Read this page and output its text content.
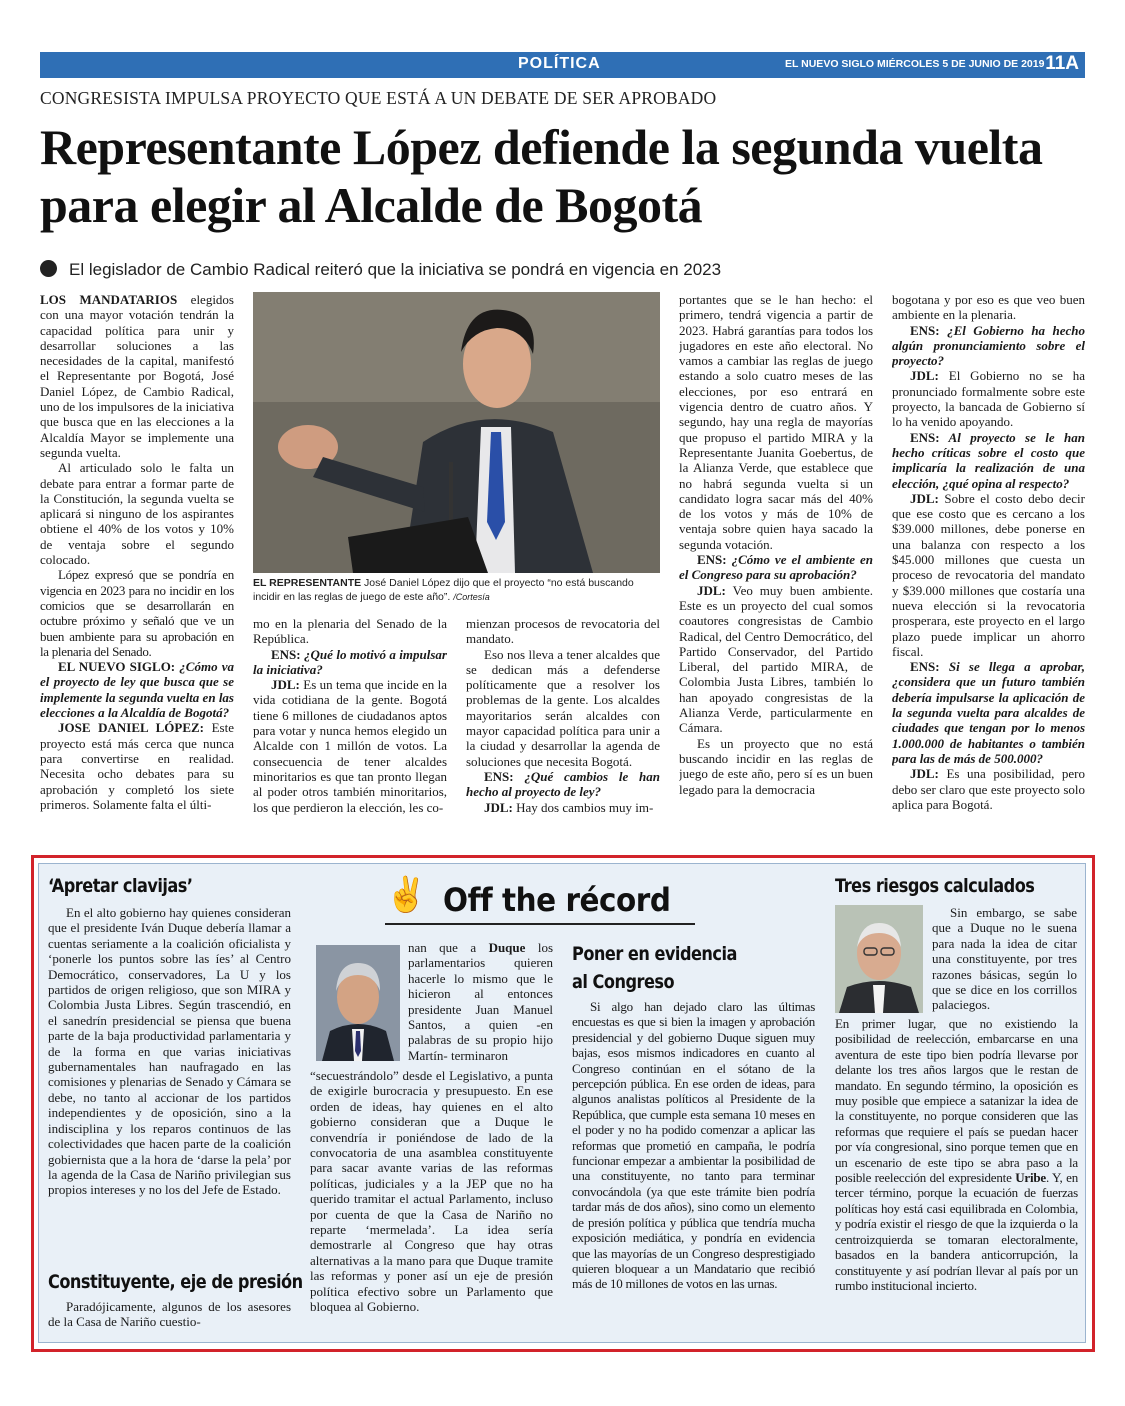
POLÍTICA	EL NUEVO SIGLO MIÉRCOLES 5 DE JUNIO DE 2019 11A
CONGRESISTA IMPULSA PROYECTO QUE ESTÁ A UN DEBATE DE SER APROBADO
Representante López defiende la segunda vuelta para elegir al Alcalde de Bogotá
El legislador de Cambio Radical reiteró que la iniciativa se pondrá en vigencia en 2023

LOS MANDATARIOS elegidos con una mayor votación tendrán la capacidad política para unir y desarrollar soluciones a las necesidades de la capital, manifestó el Representante por Bogotá, José Daniel López, de Cambio Radical, uno de los impulsores de la iniciativa que busca que en las elecciones a la Alcaldía Mayor se implemente una segunda vuelta.

Al articulado solo le falta un debate para entrar a formar parte de la Constitución, la segunda vuelta se aplicará si ninguno de los aspirantes obtiene el 40% de los votos y 10% de ventaja sobre el segundo colocado.

López expresó que se pondría en vigencia en 2023 para no incidir en los comicios que se desarrollarán en octubre próximo y señaló que ve un buen ambiente para su aprobación en la plenaria del Senado.

EL NUEVO SIGLO: ¿Cómo va el proyecto de ley que busca que se implemente la segunda vuelta en las elecciones a la Alcaldía de Bogotá?

JOSE DANIEL LÓPEZ: Este proyecto está más cerca que nunca para convertirse en realidad. Necesita ocho debates para su aprobación y completó los siete primeros. Solamente falta el últi-

EL REPRESENTANTE José Daniel López dijo que el proyecto “no está buscando incidir en las reglas de juego de este año”. /Cortesía

mo en la plenaria del Senado de la República.

ENS: ¿Qué lo motivó a impulsar la iniciativa?

JDL: Es un tema que incide en la vida cotidiana de la gente. Bogotá tiene 6 millones de ciudadanos aptos para votar y nunca hemos elegido un Alcalde con 1 millón de votos. La consecuencia de tener alcaldes minoritarios es que tan pronto llegan al poder otros también minoritarios, los que perdieron la elección, les co-

mienzan procesos de revocatoria del mandato.

Eso nos lleva a tener alcaldes que se dedican más a defenderse políticamente que a resolver los problemas de la gente. Los alcaldes mayoritarios serán alcaldes con mayor capacidad política para unir a la ciudad y desarrollar la agenda de soluciones que necesita Bogotá.

ENS: ¿Qué cambios le han hecho al proyecto de ley?

JDL: Hay dos cambios muy im-

portantes que se le han hecho: el primero, tendrá vigencia a partir de 2023. Habrá garantías para todos los jugadores en este año electoral. No vamos a cambiar las reglas de juego estando a solo cuatro meses de las elecciones, por eso entrará en vigencia dentro de cuatro años. Y segundo, hay una regla de mayorías que propuso el partido MIRA y la Representante Juanita Goebertus, de la Alianza Verde, que establece que no habrá segunda vuelta si un candidato logra sacar más del 40% de los votos y más de 10% de ventaja sobre quien haya sacado la segunda votación.

ENS: ¿Cómo ve el ambiente en el Congreso para su aprobación?

JDL: Veo muy buen ambiente. Este es un proyecto del cual somos coautores congresistas de Cambio Radical, del Centro Democrático, del Partido Conservador, del Partido Liberal, del partido MIRA, de Colombia Justa Libres, también lo han apoyado congresistas de la Alianza Verde, particularmente en Cámara.

Es un proyecto que no está buscando incidir en las reglas de juego de este año, pero sí es un buen legado para la democracia

bogotana y por eso es que veo buen ambiente en la plenaria.

ENS: ¿El Gobierno ha hecho algún pronunciamiento sobre el proyecto?

JDL: El Gobierno no se ha pronunciado formalmente sobre este proyecto, la bancada de Gobierno sí lo ha venido apoyando.

ENS: Al proyecto se le han hecho críticas sobre el costo que implicaría la realización de una elección, ¿qué opina al respecto?

JDL: Sobre el costo debo decir que ese costo que es cercano a los $39.000 millones, debe ponerse en una balanza con respecto a los $45.000 millones que cuesta un proceso de revocatoria del mandato y $39.000 millones que costaría una nueva elección si la revocatoria prosperara, este proyecto en el largo plazo puede implicar un ahorro fiscal.

ENS: Si se llega a aprobar, ¿considera que un futuro también debería impulsarse la aplicación de la segunda vuelta para alcaldes de ciudades que tengan por lo menos 1.000.000 de habitantes o también para las de más de 500.000?

JDL: Es una posibilidad, pero debo ser claro que este proyecto solo aplica para Bogotá.

✌ Off the récord
‘Apretar clavijas’

En el alto gobierno hay quienes consideran que el presidente Iván Duque debería llamar a cuentas seriamente a la coalición oficialista y ‘ponerle los puntos sobre las íes’ al Centro Democrático, conservadores, La U y los partidos de origen religioso, que son MIRA y Colombia Justa Libres. Según trascendió, en el sanedrín presidencial se piensa que buena parte de la baja productividad parlamentaria y de la forma en que varias iniciativas gubernamentales han naufragado en las comisiones y plenarias de Senado y Cámara se debe, no tanto al accionar de los partidos independientes y de oposición, sino a la indisciplina y los reparos continuos de las colectividades que hacen parte de la coalición gobiernista que a la hora de ‘darse la pela’ por la agenda de la Casa de Nariño privilegian sus propios intereses y no los del Jefe de Estado.

Constituyente, eje de presión

Paradójicamente, algunos de los asesores de la Casa de Nariño cuestio-

nan que a Duque los parlamentarios quieren hacerle lo mismo que le hicieron al entonces presidente Juan Manuel Santos, a quien -en palabras de su propio hijo Martín- terminaron
“secuestrándolo” desde el Legislativo, a punta de exigirle burocracia y presupuesto. En ese orden de ideas, hay quienes en el alto gobierno consideran que a Duque le convendría ir poniéndose de lado de la convocatoria de una asamblea constituyente para sacar avante varias de las reformas políticas, judiciales y a la JEP que no ha querido tramitar el actual Parlamento, incluso por cuenta de que la Casa de Nariño no reparte ‘mermelada’. La idea sería demostrarle al Congreso que hay otras alternativas a la mano para que Duque tramite las reformas y poner así un eje de presión política efectivo sobre un Parlamento que bloquea al Gobierno.
Poner en evidencia
al Congreso

Si algo han dejado claro las últimas encuestas es que si bien la imagen y aprobación presidencial y del gobierno Duque siguen muy bajas, esos mismos indicadores en cuanto al Congreso continúan en el sótano de la percepción pública. En ese orden de ideas, para algunos analistas políticos al Presidente de la República, que cumple esta semana 10 meses en el poder y no ha podido comenzar a aplicar las reformas que prometió en campaña, le podría funcionar empezar a ambientar la posibilidad de una constituyente, no tanto para terminar convocándola (ya que este trámite bien podría tardar más de dos años), sino como un elemento de presión política y pública que tendría mucha exposición mediática, y pondría en evidencia que las mayorías de un Congreso desprestigiado quieren bloquear a un Mandatario que recibió más de 10 millones de votos en las urnas.

Tres riesgos calculados

Sin embargo, se sabe que a Duque no le suena para nada la idea de citar una constituyente, por tres razones básicas, según lo que se dice en los corrillos palaciegos.

En primer lugar, que no existiendo la posibilidad de reelección, embarcarse en una aventura de este tipo bien podría llevarse por delante los tres años largos que le restan de mandato. En segundo término, la oposición es muy posible que empiece a satanizar la idea de la constituyente, no porque consideren que las reformas que requiere el país se puedan hacer por vía congresional, sino porque temen que en un escenario de este tipo se abra paso a la posible reelección del expresidente Uribe. Y, en tercer término, porque la ecuación de fuerzas políticas hoy está casi equilibrada en Colombia, y podría existir el riesgo de que la izquierda o la centroizquierda se tomaran electoralmente, basados en la bandera anticorrupción, la constituyente y así podrían llevar al país por un rumbo institucional incierto.
